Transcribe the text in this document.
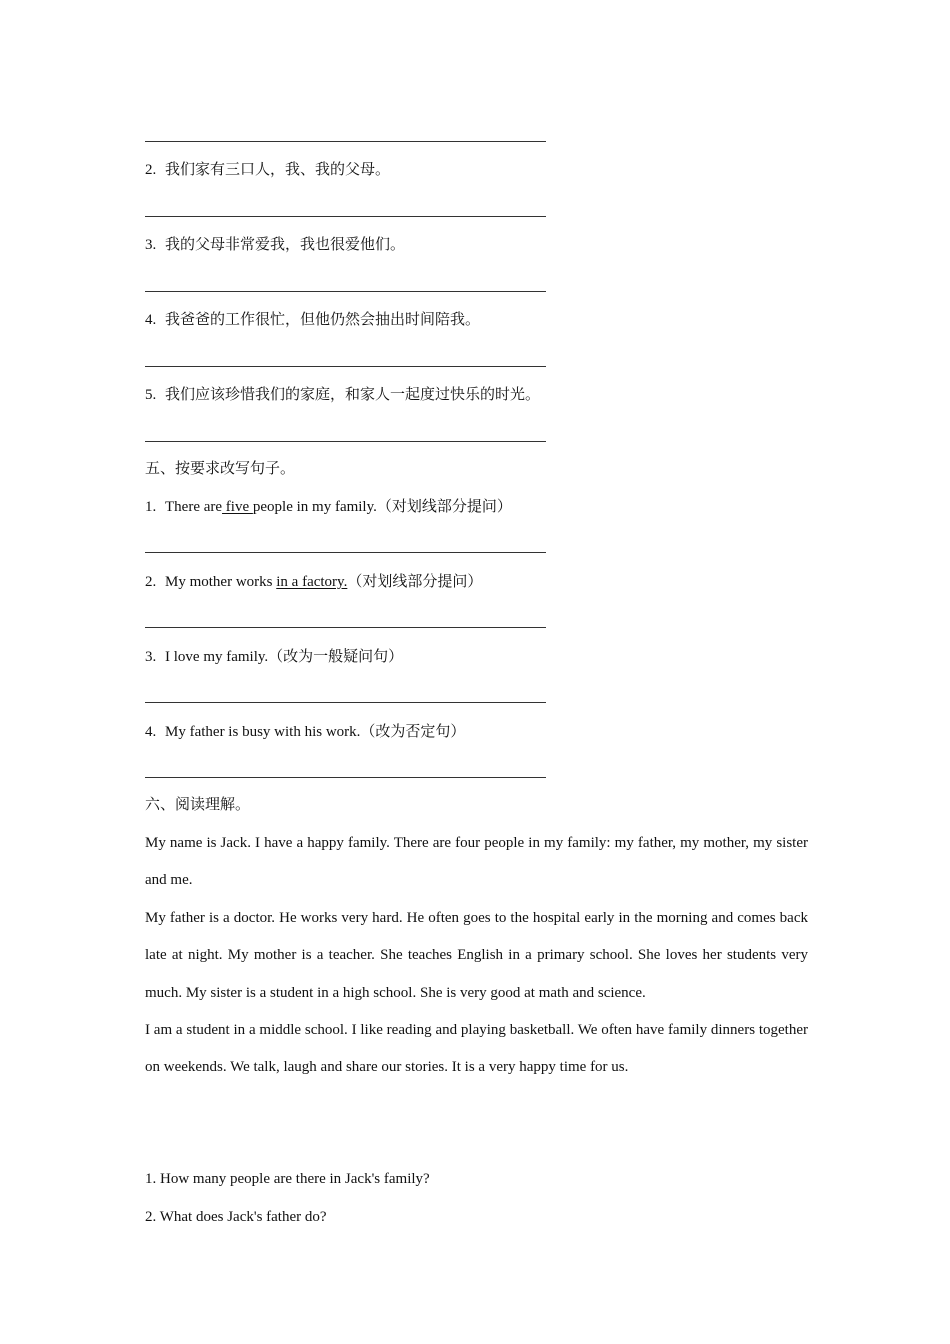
2. 我们家有三口人，我、我的父母。
3. 我的父母非常爱我，我也很爱他们。
4. 我爸爸的工作很忙，但他仍然会抽出时间陪我。
5. 我们应该珍惜我们的家庭，和家人一起度过快乐的时光。
五、按要求改写句子。
1. There are five people in my family.（对划线部分提问）
2. My mother works in a factory.（对划线部分提问）
3. I love my family.（改为一般疑问句）
4. My father is busy with his work.（改为否定句）
六、阅读理解。

My name is Jack. I have a happy family. There are four people in my family: my father, my mother, my sister and me.

My father is a doctor. He works very hard. He often goes to the hospital early in the morning and comes back late at night. My mother is a teacher. She teaches English in a primary school. She loves her students very much. My sister is a student in a high school. She is very good at math and science.

I am a student in a middle school. I like reading and playing basketball. We often have family dinners together on weekends. We talk, laugh and share our stories. It is a very happy time for us.

1. How many people are there in Jack's family?
2. What does Jack's father do?
